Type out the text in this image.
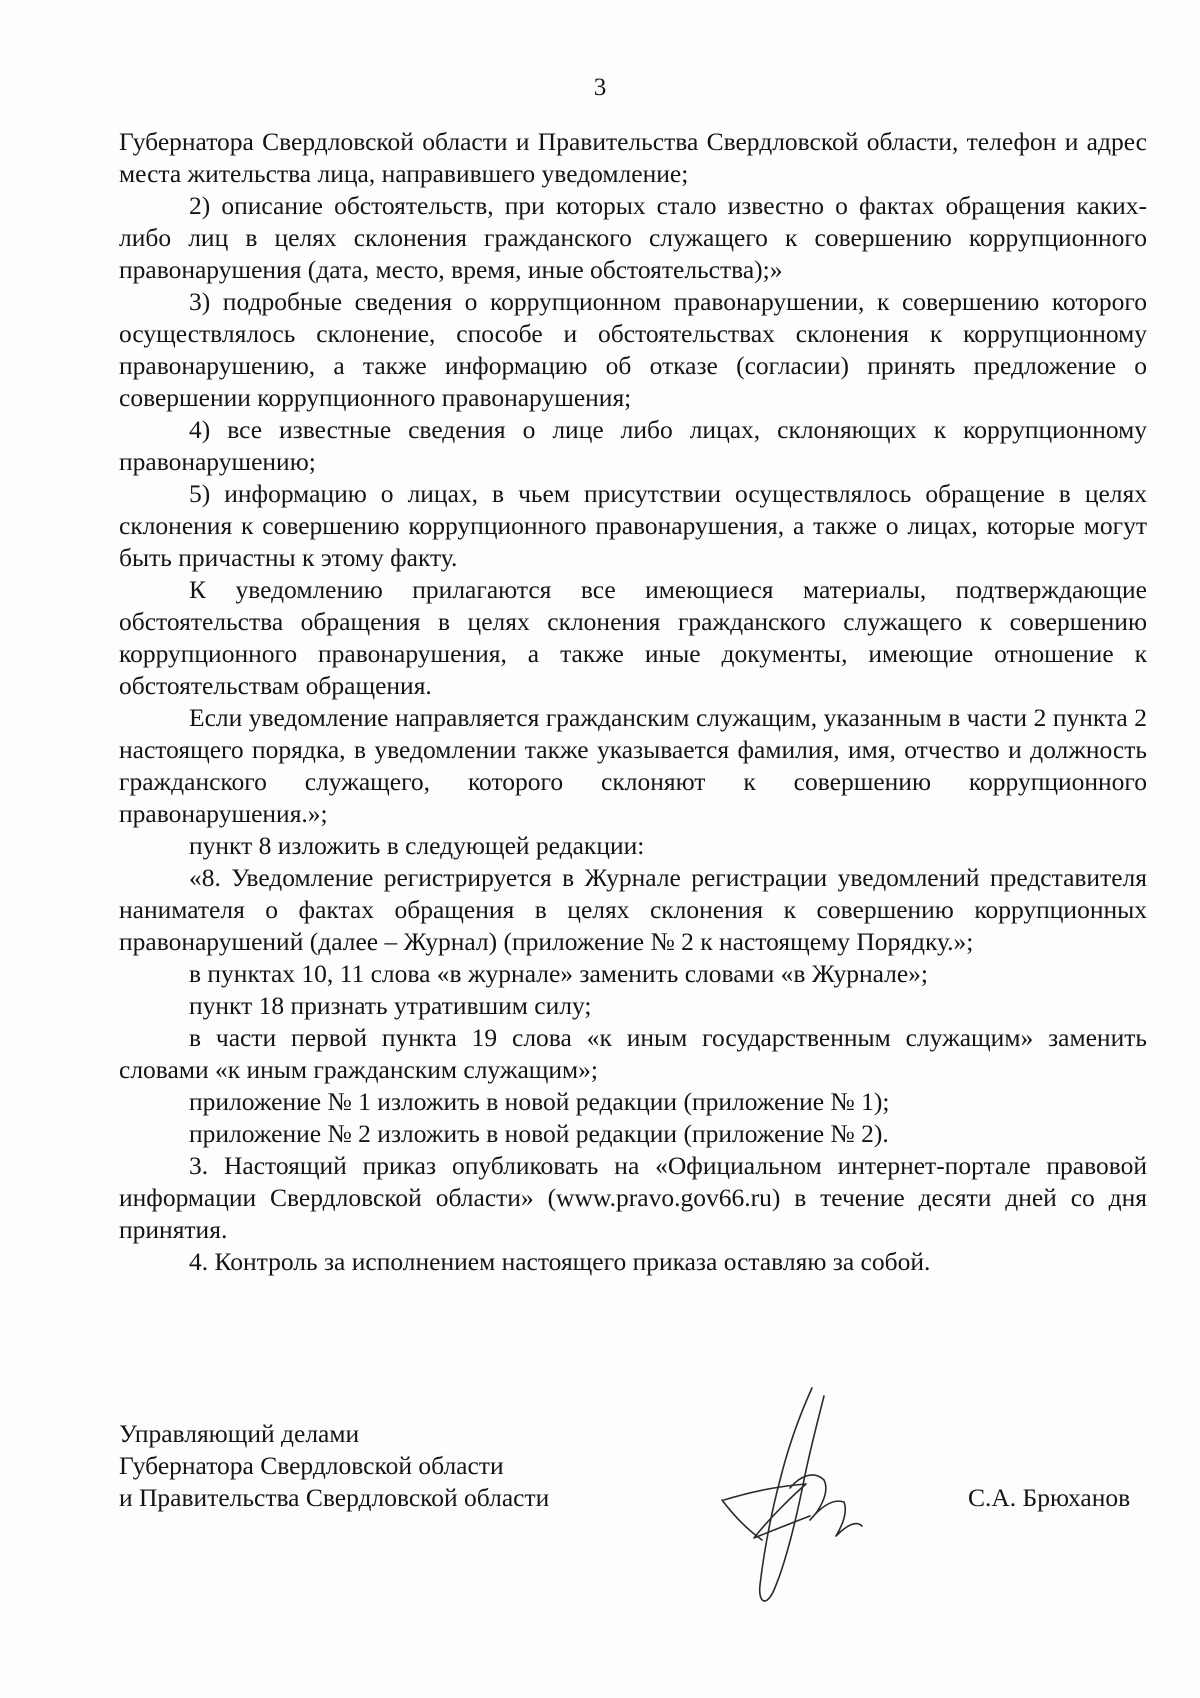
3

Губернатора Свердловской области и Правительства Свердловской области, телефон и адрес места жительства лица, направившего уведомление;

2) описание обстоятельств, при которых стало известно о фактах обращения каких-либо лиц в целях склонения гражданского служащего к совершению коррупционного правонарушения (дата, место, время, иные обстоятельства);»

3) подробные сведения о коррупционном правонарушении, к совершению которого осуществлялось склонение, способе и обстоятельствах склонения к коррупционному правонарушению, а также информацию об отказе (согласии) принять предложение о совершении коррупционного правонарушения;

4) все известные сведения о лице либо лицах, склоняющих к коррупционному правонарушению;

5) информацию о лицах, в чьем присутствии осуществлялось обращение в целях склонения к совершению коррупционного правонарушения, а также о лицах, которые могут быть причастны к этому факту.

К уведомлению прилагаются все имеющиеся материалы, подтверждающие обстоятельства обращения в целях склонения гражданского служащего к совершению коррупционного правонарушения, а также иные документы, имеющие отношение к обстоятельствам обращения.

Если уведомление направляется гражданским служащим, указанным в части 2 пункта 2 настоящего порядка, в уведомлении также указывается фамилия, имя, отчество и должность гражданского служащего, которого склоняют к совершению коррупционного правонарушения.»;

пункт 8 изложить в следующей редакции:

«8. Уведомление регистрируется в Журнале регистрации уведомлений представителя нанимателя о фактах обращения в целях склонения к совершению коррупционных правонарушений (далее – Журнал) (приложение № 2 к настоящему Порядку.»;

в пунктах 10, 11 слова «в журнале» заменить словами «в Журнале»;

пункт 18 признать утратившим силу;

в части первой пункта 19 слова «к иным государственным служащим» заменить словами «к иным гражданским служащим»;

приложение № 1 изложить в новой редакции (приложение № 1);

приложение № 2 изложить в новой редакции (приложение № 2).

3. Настоящий приказ опубликовать на «Официальном интернет-портале правовой информации Свердловской области» (www.pravo.gov66.ru) в течение десяти дней со дня принятия.

4. Контроль за исполнением настоящего приказа оставляю за собой.

Управляющий делами
Губернатора Свердловской области
и Правительства Свердловской области	С.А. Брюханов
